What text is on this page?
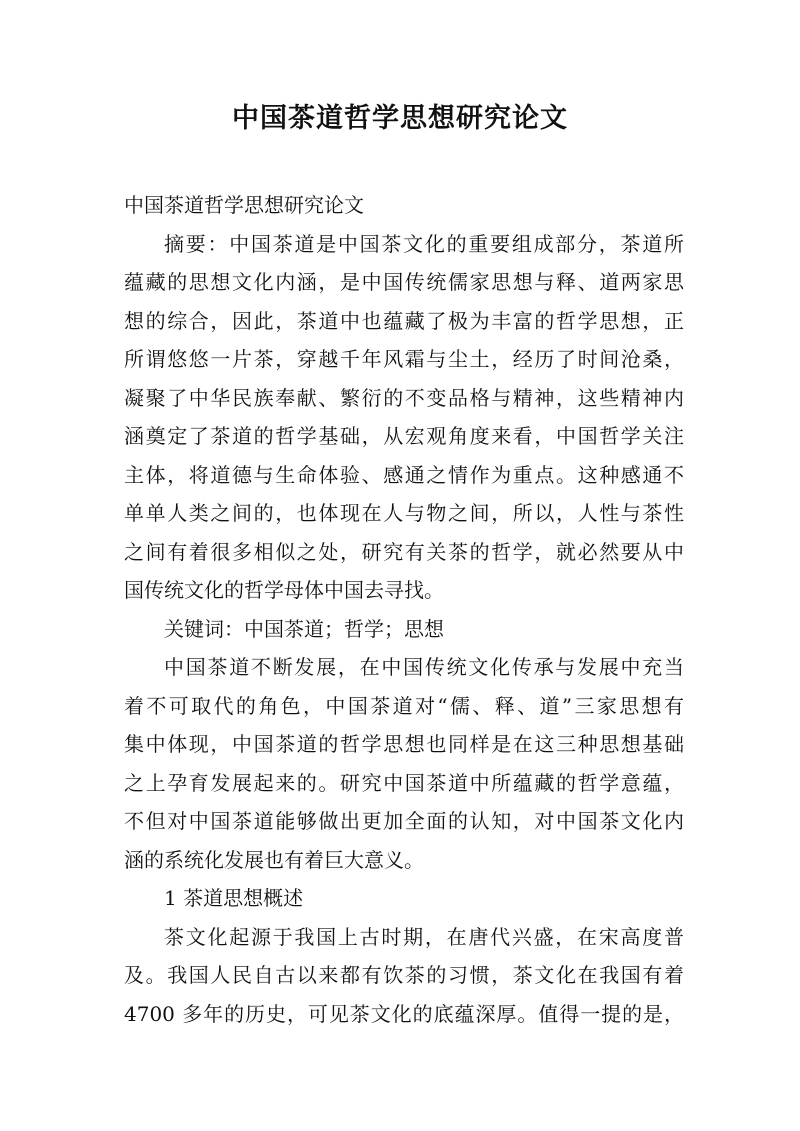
中国茶道哲学思想研究论文
中国茶道哲学思想研究论文
摘要：中国茶道是中国茶文化的重要组成部分，茶道所
蕴藏的思想文化内涵，是中国传统儒家思想与释、道两家思
想的综合，因此，茶道中也蕴藏了极为丰富的哲学思想，正
所谓悠悠一片茶，穿越千年风霜与尘土，经历了时间沧桑，
凝聚了中华民族奉献、繁衍的不变品格与精神，这些精神内
涵奠定了茶道的哲学基础，从宏观角度来看，中国哲学关注
主体，将道德与生命体验、感通之情作为重点。这种感通不
单单人类之间的，也体现在人与物之间，所以，人性与茶性
之间有着很多相似之处，研究有关茶的哲学，就必然要从中
国传统文化的哲学母体中国去寻找。
关键词：中国茶道；哲学；思想
中国茶道不断发展，在中国传统文化传承与发展中充当
着不可取代的角色，中国茶道对“儒、释、道”三家思想有
集中体现，中国茶道的哲学思想也同样是在这三种思想基础
之上孕育发展起来的。研究中国茶道中所蕴藏的哲学意蕴，
不但对中国茶道能够做出更加全面的认知，对中国茶文化内
涵的系统化发展也有着巨大意义。
1 茶道思想概述
茶文化起源于我国上古时期，在唐代兴盛，在宋高度普
及。我国人民自古以来都有饮茶的习惯，茶文化在我国有着
4700 多年的历史，可见茶文化的底蕴深厚。值得一提的是，
